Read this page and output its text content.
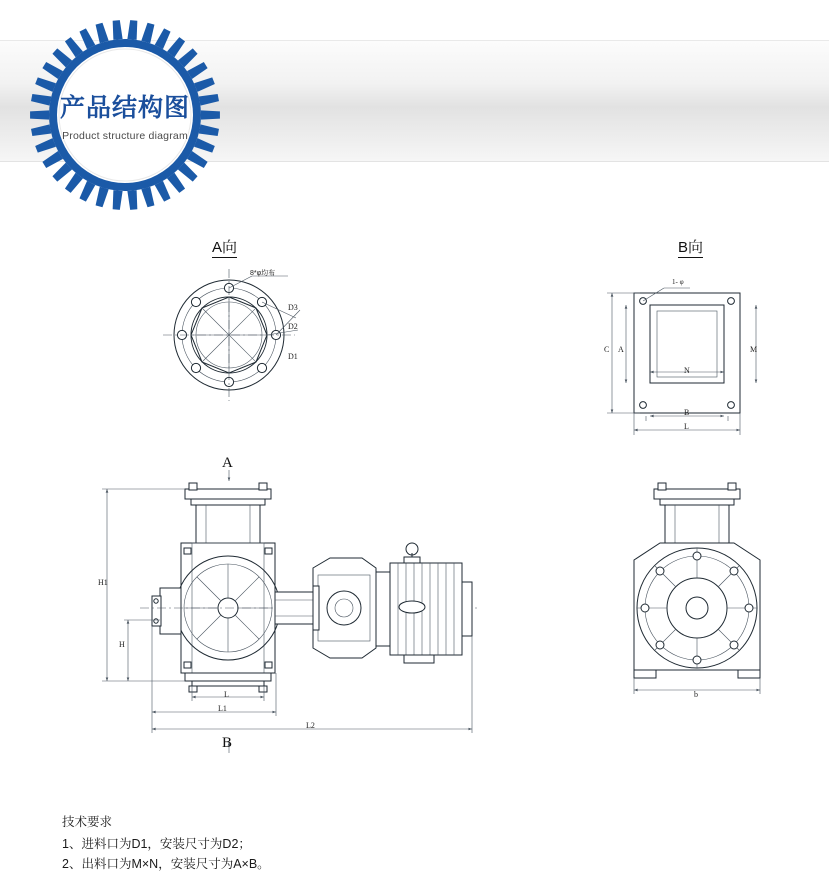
产品结构图
Product structure diagram
A向	B向
8*φ均布
D3
D2
D1
1- φ
C A	M
N
B
L
A
B
H1
H
L
L1
L2
b
技术要求
1、进料口为D1，安装尺寸为D2；
2、出料口为M×N，安装尺寸为A×B。
